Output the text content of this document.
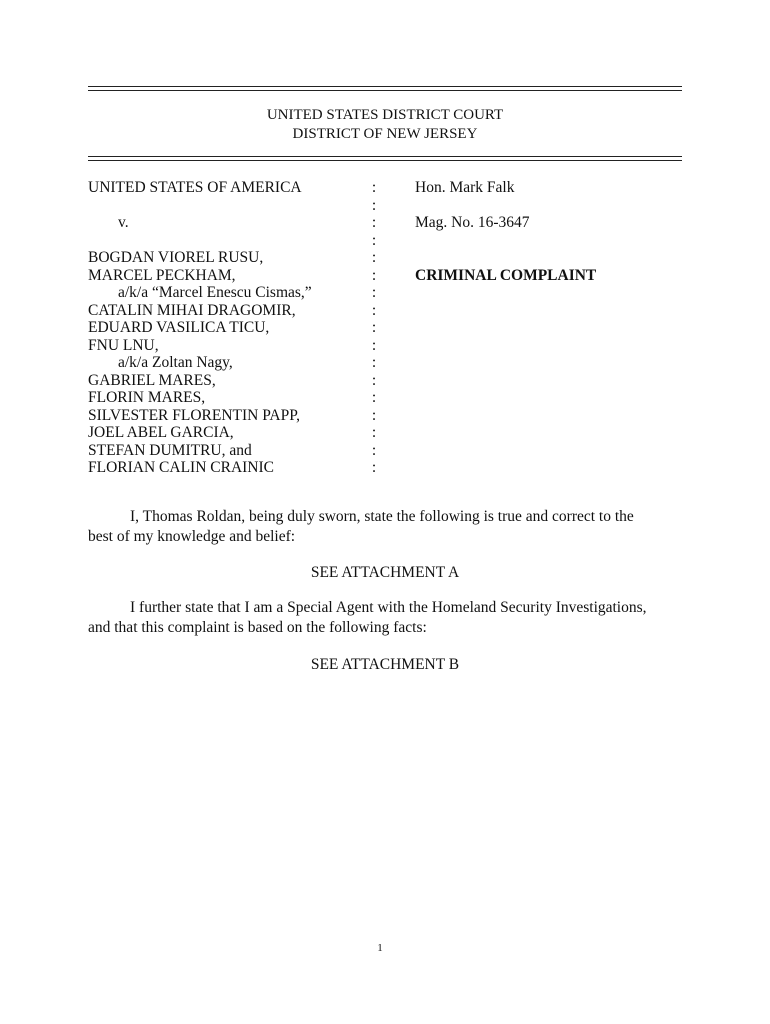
UNITED STATES DISTRICT COURT
DISTRICT OF NEW JERSEY
UNITED STATES OF AMERICA
v.
BOGDAN VIOREL RUSU,
MARCEL PECKHAM,
a/k/a “Marcel Enescu Cismas,”
CATALIN MIHAI DRAGOMIR,
EDUARD VASILICA TICU,
FNU LNU,
a/k/a Zoltan Nagy,
GABRIEL MARES,
FLORIN MARES,
SILVESTER FLORENTIN PAPP,
JOEL ABEL GARCIA,
STEFAN DUMITRU, and
FLORIAN CALIN CRAINIC
:
:
:
:
:
:
:
:
:
:
:
:
:
:
:
:
:
Hon. Mark Falk
Mag. No. 16-3647
CRIMINAL COMPLAINT
I, Thomas Roldan, being duly sworn, state the following is true and correct to the best of my knowledge and belief:
SEE ATTACHMENT A
I further state that I am a Special Agent with the Homeland Security Investigations, and that this complaint is based on the following facts:
SEE ATTACHMENT B
1
